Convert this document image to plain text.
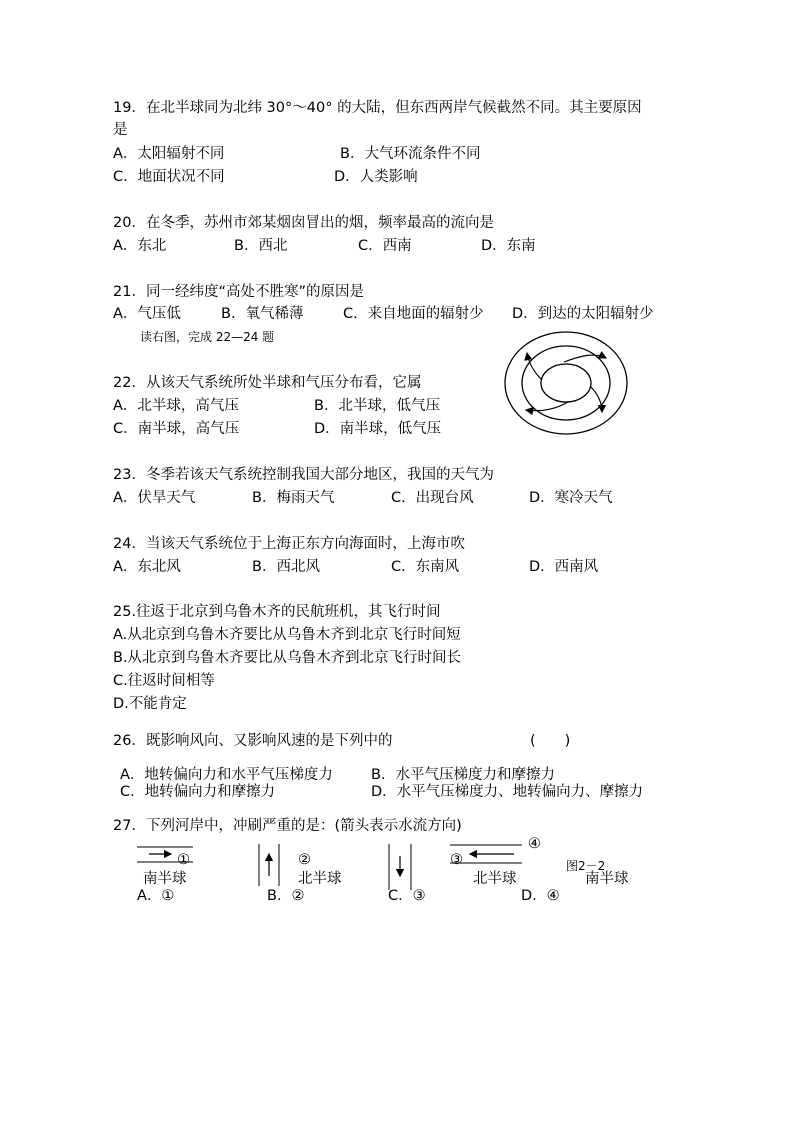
19．在北半球同为北纬 30°～40° 的大陆，但东西两岸气候截然不同。其主要原因
是
A．太阳辐射不同	B．大气环流条件不同
C．地面状况不同	D．人类影响
20．在冬季，苏州市郊某烟囱冒出的烟，频率最高的流向是
A．东北	B．西北	C．西南	D．东南
21．同一经纬度“高处不胜寒”的原因是
A．气压低	B．氧气稀薄	C．来自地面的辐射少 D．到达的太阳辐射少
读右图，完成 22—24 题
22．从该天气系统所处半球和气压分布看，它属
A．北半球，高气压	B．北半球，低气压
C．南半球，高气压	D．南半球，低气压
23．冬季若该天气系统控制我国大部分地区，我国的天气为
A．伏旱天气	B．梅雨天气	C．出现台风	D．寒冷天气
24．当该天气系统位于上海正东方向海面时，上海市吹
A．东北风	B．西北风	C．东南风	D．西南风
25.往返于北京到乌鲁木齐的民航班机，其飞行时间
A.从北京到乌鲁木齐要比从乌鲁木齐到北京飞行时间短
B.从北京到乌鲁木齐要比从乌鲁木齐到北京飞行时间长
C.往返时间相等
D.不能肯定
26．既影响风向、又影响风速的是下列中的	(　　)
A．地转偏向力和水平气压梯度力	B．水平气压梯度力和摩擦力
C．地转偏向力和摩擦力	D．水平气压梯度力、地转偏向力、摩擦力
27．下列河岸中，冲刷严重的是：(箭头表示水流方向)
①
南半球
②
北半球
④
③
北半球
图2－2
南半球
A．①	B．②	C．③	D．④
